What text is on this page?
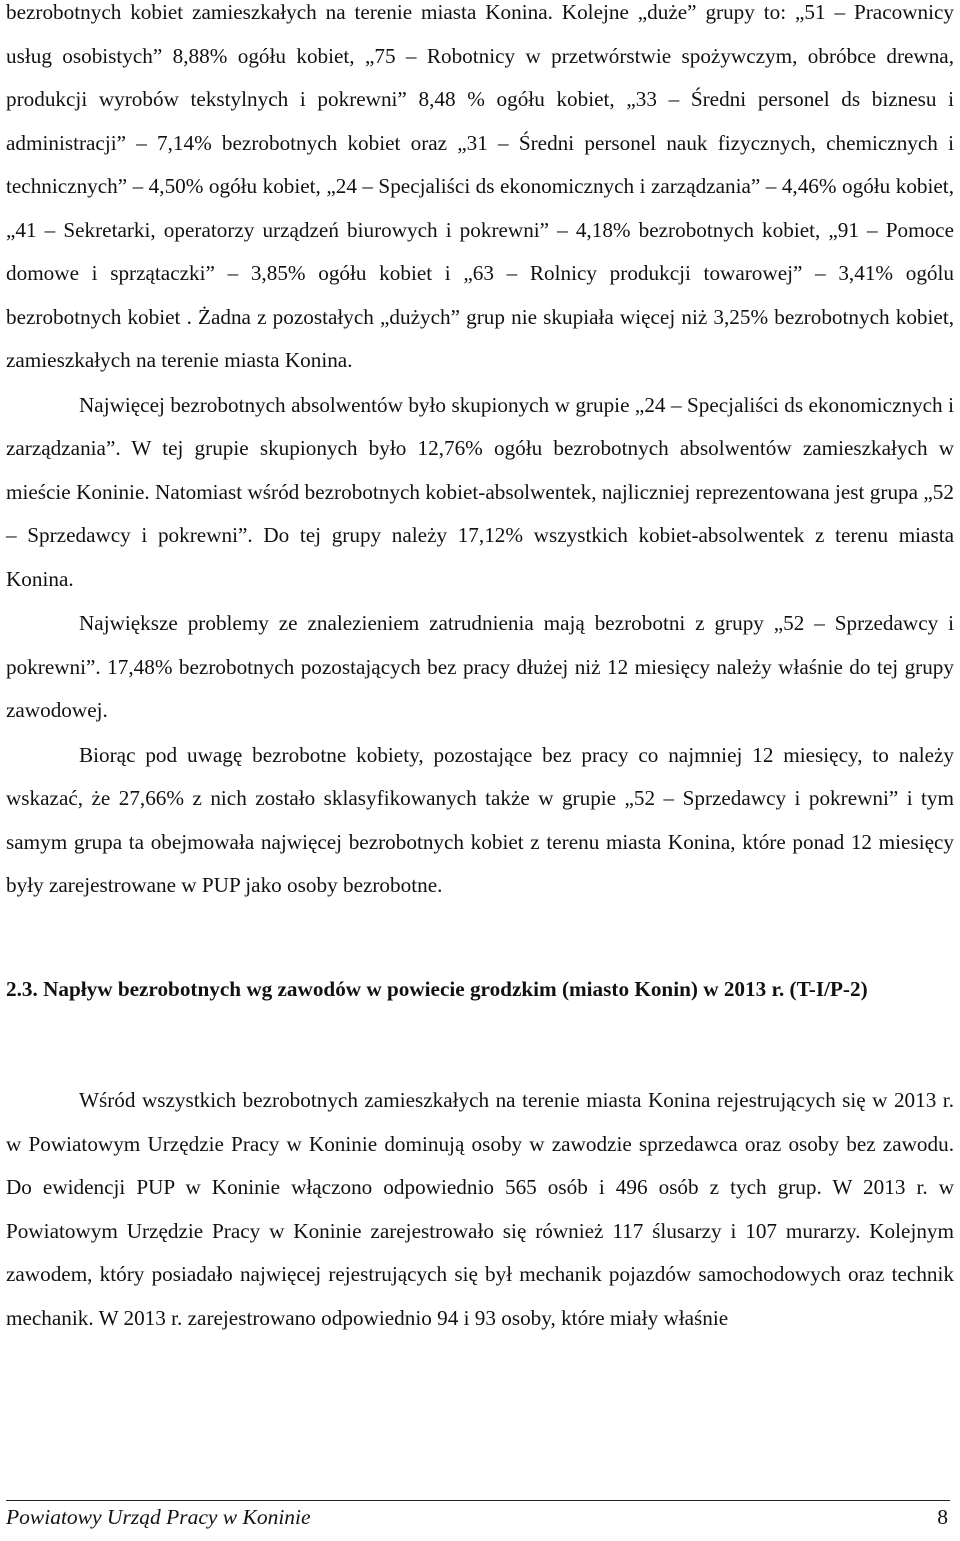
bezrobotnych kobiet zamieszkałych na terenie miasta Konina. Kolejne „duże” grupy to: „51 – Pracownicy usług osobistych” 8,88% ogółu kobiet, „75 – Robotnicy w przetwórstwie spożywczym, obróbce drewna, produkcji wyrobów tekstylnych i pokrewni” 8,48 % ogółu kobiet, „33 – Średni personel ds biznesu i administracji” – 7,14% bezrobotnych kobiet oraz „31 – Średni personel nauk fizycznych, chemicznych i technicznych” – 4,50% ogółu kobiet, „24 – Specjaliści ds ekonomicznych i zarządzania” – 4,46% ogółu kobiet, „41 – Sekretarki, operatorzy urządzeń biurowych i pokrewni” – 4,18% bezrobotnych kobiet, „91 – Pomoce domowe i sprzątaczki” – 3,85% ogółu kobiet i „63 – Rolnicy produkcji towarowej” – 3,41% ogólu bezrobotnych kobiet . Żadna z pozostałych „dużych” grup nie skupiała więcej niż 3,25% bezrobotnych kobiet, zamieszkałych na terenie miasta Konina.

Najwięcej bezrobotnych absolwentów było skupionych w grupie „24 – Specjaliści ds ekonomicznych i zarządzania”. W tej grupie skupionych było 12,76% ogółu bezrobotnych absolwentów zamieszkałych w mieście Koninie. Natomiast wśród bezrobotnych kobiet-absolwentek, najliczniej reprezentowana jest grupa „52 – Sprzedawcy i pokrewni”. Do tej grupy należy 17,12% wszystkich kobiet-absolwentek z terenu miasta Konina.

Największe problemy ze znalezieniem zatrudnienia mają bezrobotni z grupy „52 – Sprzedawcy i pokrewni”. 17,48% bezrobotnych pozostających bez pracy dłużej niż 12 miesięcy należy właśnie do tej grupy zawodowej.

Biorąc pod uwagę bezrobotne kobiety, pozostające bez pracy co najmniej 12 miesięcy, to należy wskazać, że 27,66% z nich zostało sklasyfikowanych także w grupie „52 – Sprzedawcy i pokrewni” i tym samym grupa ta obejmowała najwięcej bezrobotnych kobiet z terenu miasta Konina, które ponad 12 miesięcy były zarejestrowane w PUP jako osoby bezrobotne.

2.3. Napływ bezrobotnych wg zawodów w powiecie grodzkim (miasto Konin) w 2013 r. (T-I/P-2)

Wśród wszystkich bezrobotnych zamieszkałych na terenie miasta Konina rejestrujących się w 2013 r. w Powiatowym Urzędzie Pracy w Koninie dominują osoby w zawodzie sprzedawca oraz osoby bez zawodu. Do ewidencji PUP w Koninie włączono odpowiednio 565 osób i 496 osób z tych grup. W 2013 r. w Powiatowym Urzędzie Pracy w Koninie zarejestrowało się również 117 ślusarzy i 107 murarzy. Kolejnym zawodem, który posiadało najwięcej rejestrujących się był mechanik pojazdów samochodowych oraz technik mechanik. W 2013 r. zarejestrowano odpowiednio 94 i 93 osoby, które miały właśnie

Powiatowy Urząd Pracy w Koninie	8
